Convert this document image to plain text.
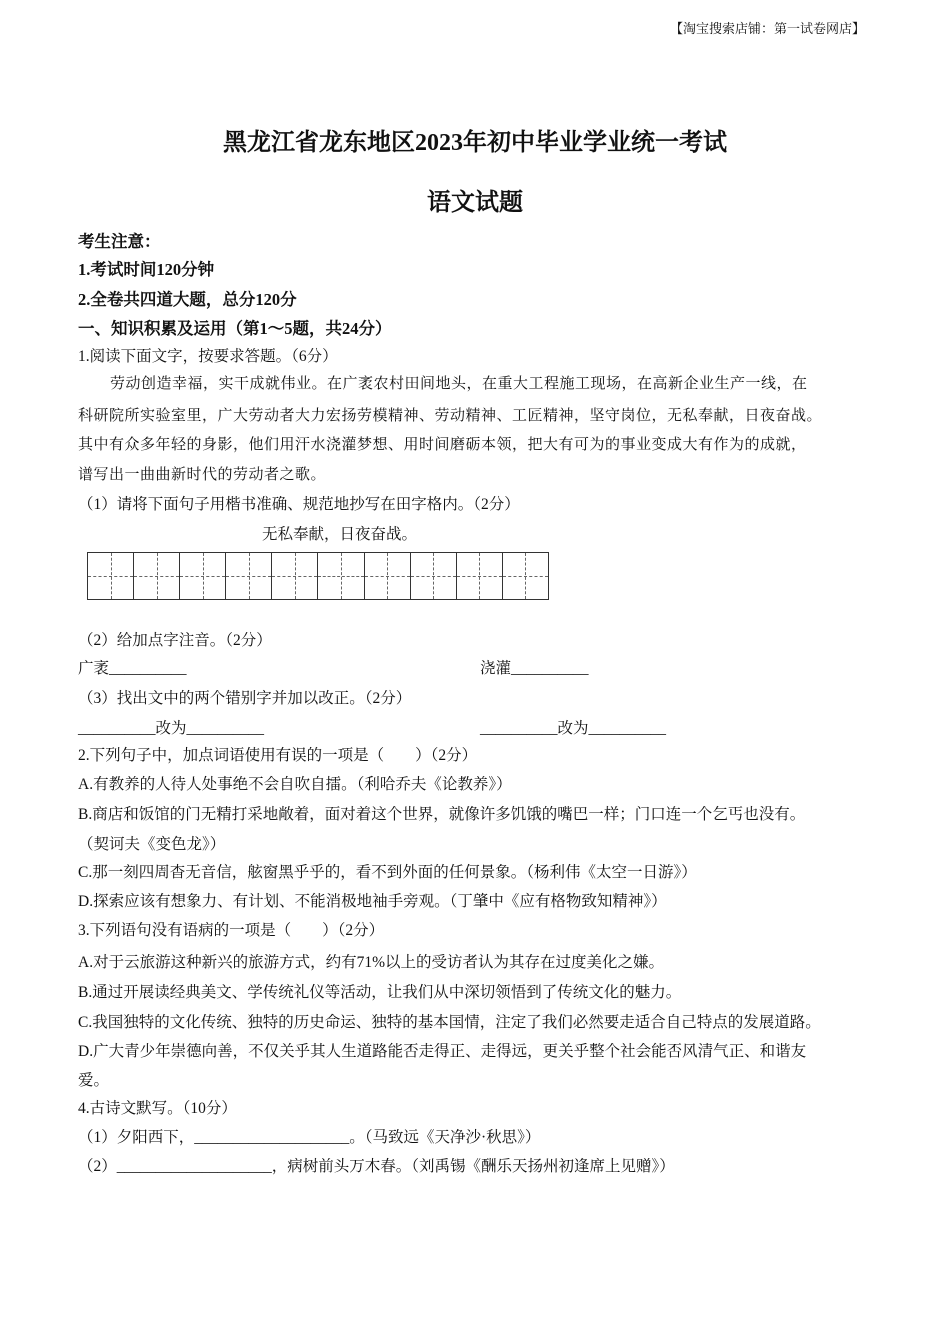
【淘宝搜索店铺：第一试卷网店】
黑龙江省龙东地区2023年初中毕业学业统一考试
语文试题
考生注意：
1.考试时间120分钟
2.全卷共四道大题，总分120分
一、知识积累及运用（第1～5题，共24分）
1.阅读下面文字，按要求答题。（6分）
劳动创造幸福，实干成就伟业。在广袤农村田间地头，在重大工程施工现场，在高新企业生产一线，在
科研院所实验室里，广大劳动者大力宏扬劳模精神、劳动精神、工匠精神，坚守岗位，无私奉献，日夜奋战。
其中有众多年轻的身影，他们用汗水浇灌梦想、用时间磨砺本领，把大有可为的事业变成大有作为的成就，
谱写出一曲曲新时代的劳动者之歌。
（1）请将下面句子用楷书准确、规范地抄写在田字格内。（2分）
无私奉献，日夜奋战。
（2）给加点字注音。（2分）
广袤__________	浇灌__________
（3）找出文中的两个错别字并加以改正。（2分）
__________改为__________	__________改为__________
2.下列句子中，加点词语使用有误的一项是（　　）（2分）
A.有教养的人待人处事绝不会自吹自擂。（利哈乔夫《论教养》）
B.商店和饭馆的门无精打采地敞着，面对着这个世界，就像许多饥饿的嘴巴一样；门口连一个乞丐也没有。
（契诃夫《变色龙》）
C.那一刻四周杳无音信，舷窗黑乎乎的，看不到外面的任何景象。（杨利伟《太空一日游》）
D.探索应该有想象力、有计划、不能消极地袖手旁观。（丁肇中《应有格物致知精神》）
3.下列语句没有语病的一项是（　　）（2分）
A.对于云旅游这种新兴的旅游方式，约有71%以上的受访者认为其存在过度美化之嫌。
B.通过开展读经典美文、学传统礼仪等活动，让我们从中深切领悟到了传统文化的魅力。
C.我国独特的文化传统、独特的历史命运、独特的基本国情，注定了我们必然要走适合自己特点的发展道路。
D.广大青少年崇德向善，不仅关乎其人生道路能否走得正、走得远，更关乎整个社会能否风清气正、和谐友
爱。
4.古诗文默写。（10分）
（1）夕阳西下，____________________。（马致远《天净沙·秋思》）
（2）____________________，病树前头万木春。（刘禹锡《酬乐天扬州初逢席上见赠》）
